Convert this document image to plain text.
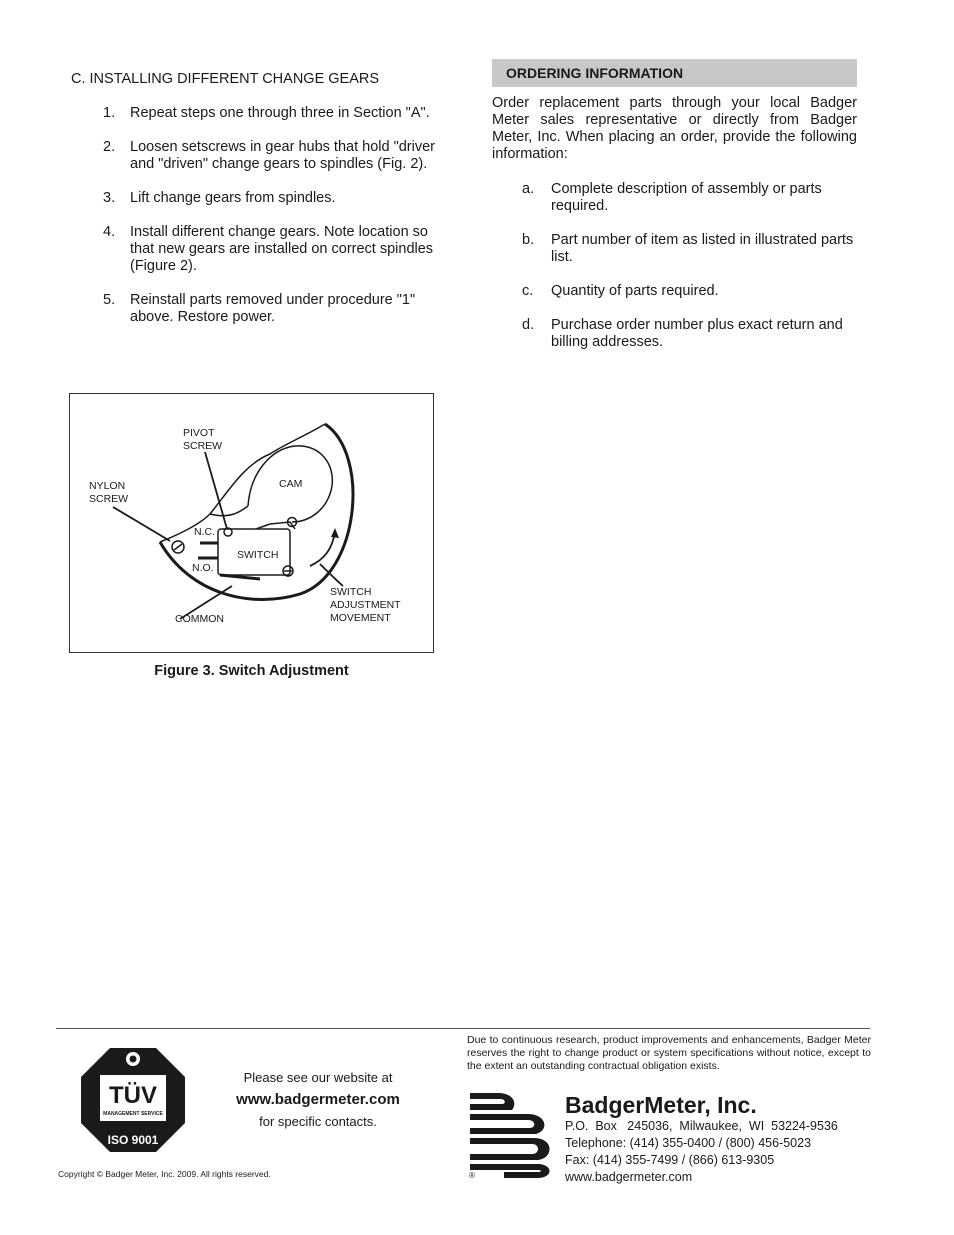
C. INSTALLING DIFFERENT CHANGE GEARS
1.	Repeat steps one through three in Section "A".
2.	Loosen setscrews in gear hubs that hold "driver and "driven" change gears to spindles (Fig. 2).
3.	Lift change gears from spindles.
4.	Install different change gears. Note location so that new gears are installed on correct spindles (Figure 2).
5.	Reinstall parts removed under procedure "1" above. Restore power.
ORDERING INFORMATION
Order replacement parts through your local Badger Meter sales representative or directly from Badger Meter, Inc. When placing an order, provide the following information:
a.	Complete description of assembly or parts required.
b.	Part number of item as listed in illustrated parts list.
c.	Quantity of parts required.
d.	Purchase order number plus exact return and billing addresses.
PIVOT
SCREW
NYLON
SCREW
CAM
N.C.
N.O.
SWITCH
COMMON
SWITCH
ADJUSTMENT
MOVEMENT
Figure 3. Switch Adjustment
Due to continuous research, product improvements and enhancements, Badger Meter reserves the right to change product or system specifications without notice, except to the extent an outstanding contractual obligation exists.
TÜV
MANAGEMENT SERVICE
ISO 9001
Please see our website at
www.badgermeter.com
for specific contacts.
Copyright © Badger Meter, Inc. 2009. All rights reserved.	®
BadgerMeter, Inc.
P.O.  Box   245036,  Milwaukee,  WI  53224-9536
Telephone: (414) 355-0400 / (800) 456-5023
Fax: (414) 355-7499 / (866) 613-9305
www.badgermeter.com
